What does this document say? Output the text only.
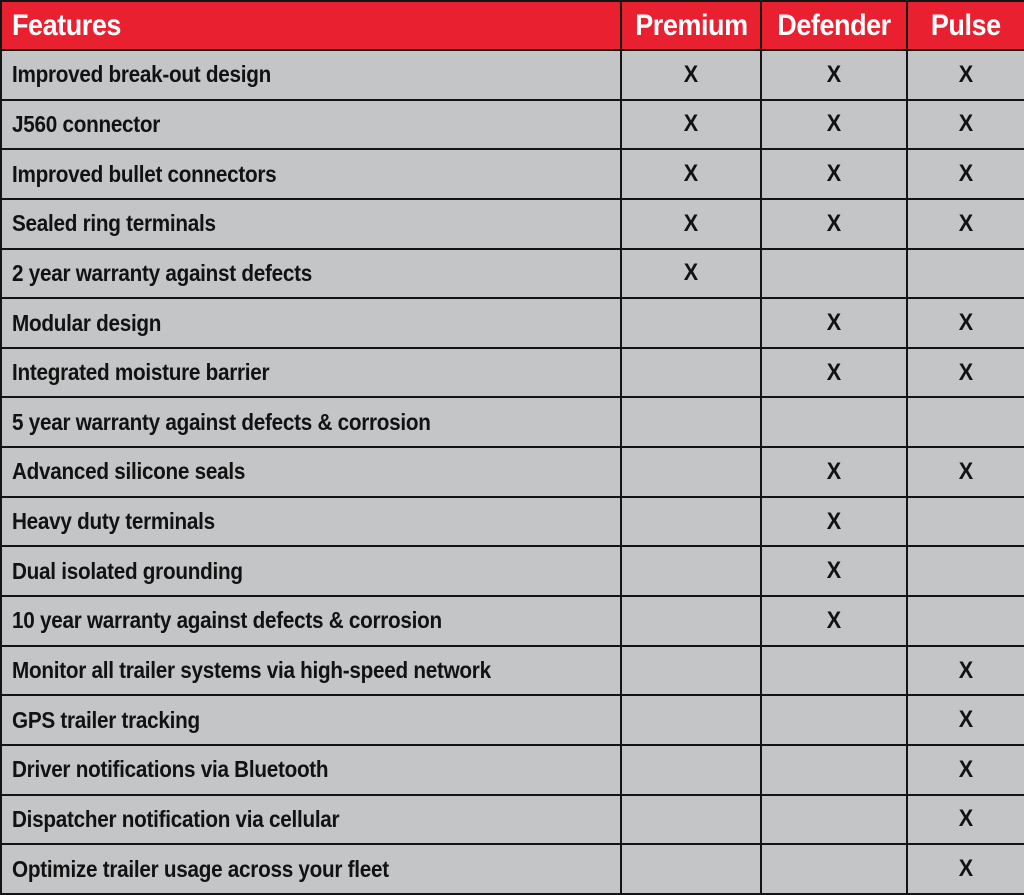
Features	Premium	Defender	Pulse
Improved break-out design	X	X	X
J560 connector	X	X	X
Improved bullet connectors	X	X	X
Sealed ring terminals	X	X	X
2 year warranty against defects	X		
Modular design		X	X
Integrated moisture barrier		X	X
5 year warranty against defects & corrosion			
Advanced silicone seals		X	X
Heavy duty terminals		X	
Dual isolated grounding		X	
10 year warranty against defects & corrosion		X	
Monitor all trailer systems via high-speed network			X
GPS trailer tracking			X
Driver notifications via Bluetooth			X
Dispatcher notification via cellular			X
Optimize trailer usage across your fleet			X
